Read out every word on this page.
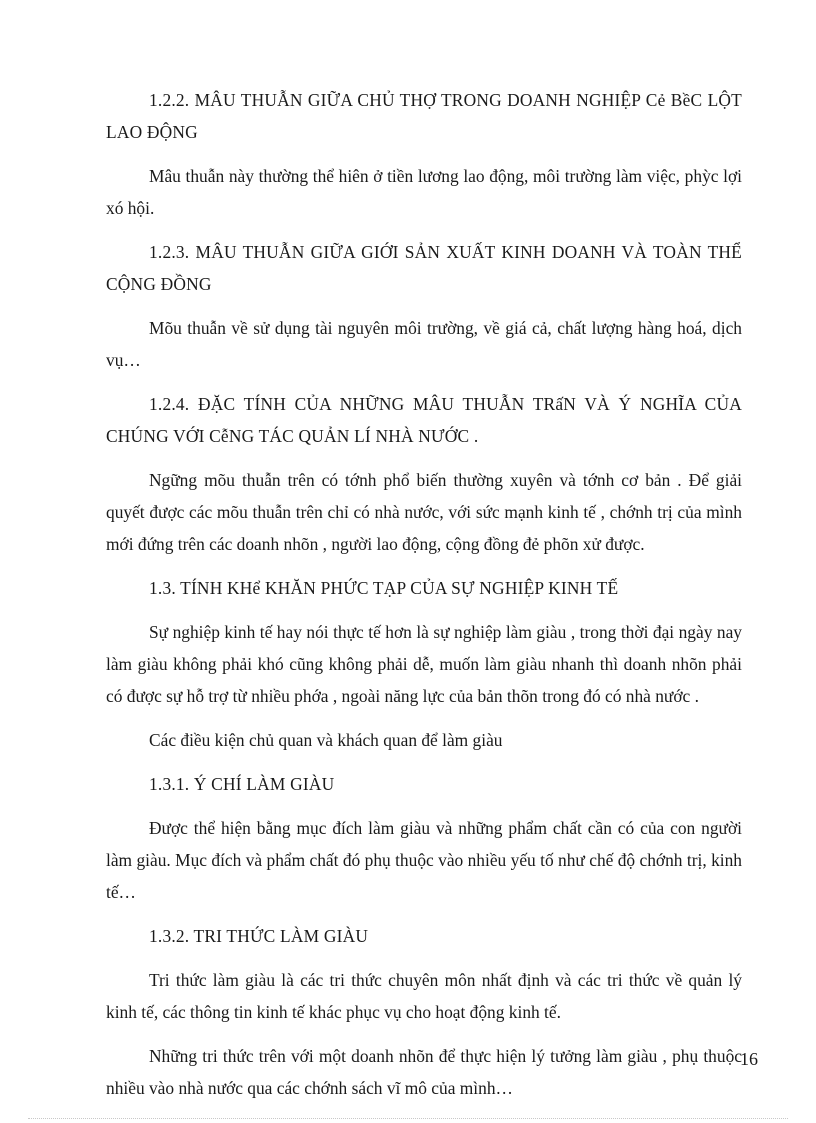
1.2.2. MÂU THUẪN GIỮA CHỦ THỢ TRONG DOANH NGHIỆP Cẻ BềC LỘT LAO ĐỘNG

Mâu thuẫn này thường thể hiên ở tiền lương lao động, môi trường làm việc, phỳc lợi xó hội.

1.2.3. MÂU THUẪN GIỮA GIỚI SẢN XUẤT KINH DOANH VÀ TOÀN THỂ CỘNG ĐỒNG

Mõu thuẫn về sử dụng tài nguyên môi trường, về giá cả, chất lượng hàng hoá, dịch vụ…

1.2.4. ĐẶC TÍNH CỦA NHỮNG MÂU THUẪN TRấN VÀ Ý NGHĨA CỦA CHÚNG VỚI CễNG TÁC QUẢN LÍ NHÀ NƯỚC .

Ngững mõu thuẫn trên có tớnh phổ biến thường xuyên và tớnh cơ bản . Để giải quyết được các mõu thuẫn trên chỉ có nhà nước, với sức mạnh kinh tế , chớnh trị của mình mới đứng trên các doanh nhõn , người lao động, cộng đồng đẻ phõn xử được.

1.3. TÍNH KHể KHĂN PHỨC TẠP CỦA SỰ NGHIỆP KINH TẾ

Sự nghiệp kinh tế hay nói thực tế hơn là sự nghiệp làm giàu , trong thời đại ngày nay làm giàu không phải khó cũng không phải dễ, muốn làm giàu nhanh thì doanh nhõn phải có được sự hỗ trợ từ nhiều phớa , ngoài năng lực của bản thõn trong đó có nhà nước .

Các điều kiện chủ quan và khách quan để làm giàu

1.3.1. Ý CHÍ LÀM GIÀU

Được thể hiện bằng mục đích làm giàu và những phẩm chất cần có của con người làm giàu. Mục đích và phẩm chất đó phụ thuộc vào nhiều yếu tố như chế độ chớnh trị, kinh tế…

1.3.2. TRI THỨC LÀM GIÀU

Tri thức làm giàu là các tri thức chuyên môn nhất định và các tri thức về quản lý kinh tế, các thông tin kinh tế khác phục vụ cho hoạt động kinh tế.

Những tri thức trên với một doanh nhõn để thực hiện lý tưởng làm giàu , phụ thuộc nhiều vào nhà nước qua các chớnh sách vĩ mô của mình…

16
